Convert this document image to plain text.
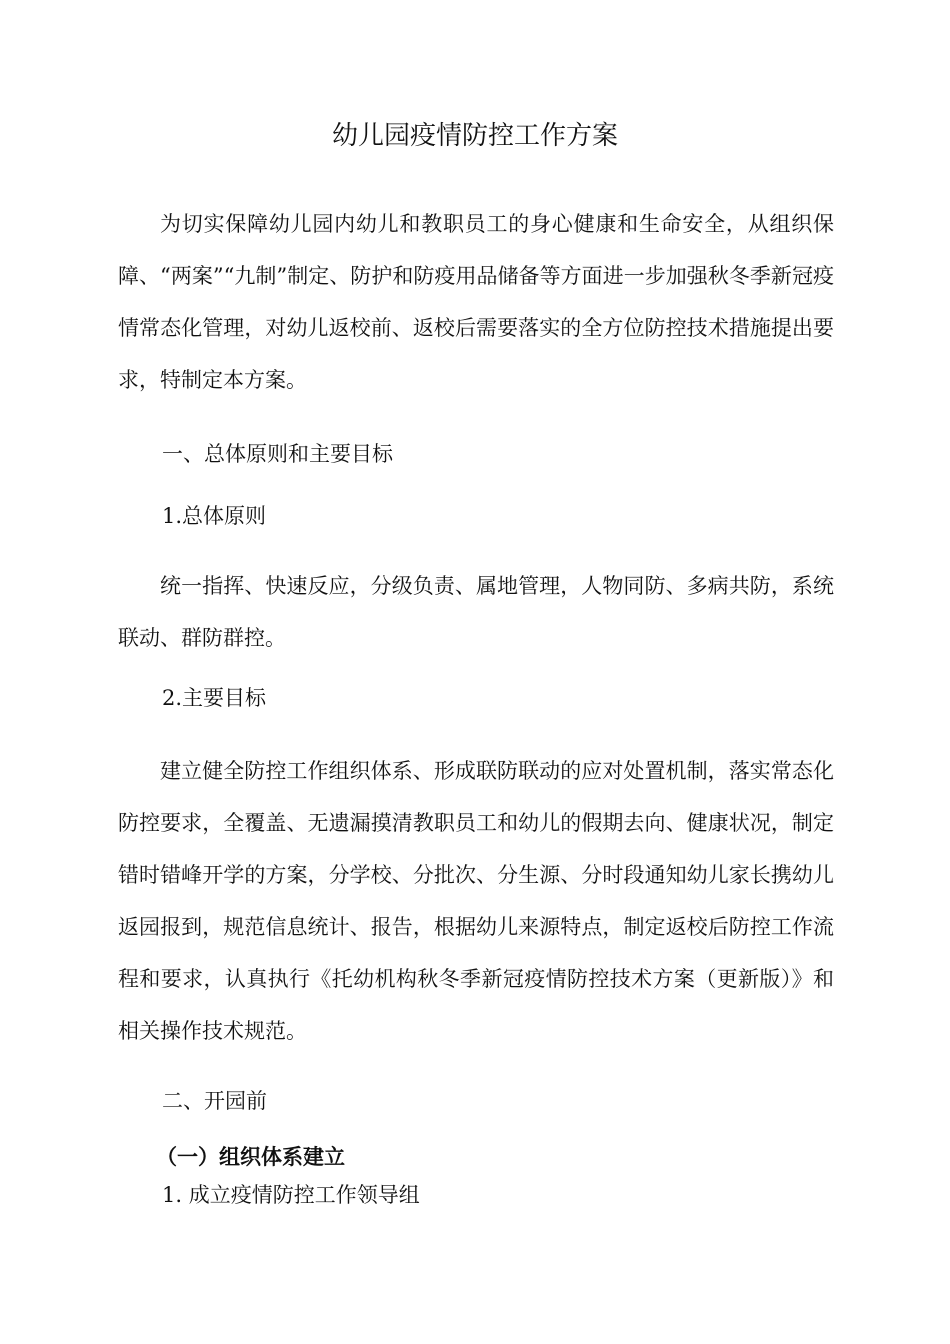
幼儿园疫情防控工作方案

为切实保障幼儿园内幼儿和教职员工的身心健康和生命安全，从组织保障、“两案”“九制”制定、防护和防疫用品储备等方面进一步加强秋冬季新冠疫情常态化管理，对幼儿返校前、返校后需要落实的全方位防控技术措施提出要求，特制定本方案。

一、总体原则和主要目标

1.总体原则

统一指挥、快速反应，分级负责、属地管理，人物同防、多病共防，系统联动、群防群控。

2.主要目标

建立健全防控工作组织体系、形成联防联动的应对处置机制，落实常态化防控要求，全覆盖、无遗漏摸清教职员工和幼儿的假期去向、健康状况，制定错时错峰开学的方案，分学校、分批次、分生源、分时段通知幼儿家长携幼儿返园报到，规范信息统计、报告，根据幼儿来源特点，制定返校后防控工作流程和要求，认真执行《托幼机构秋冬季新冠疫情防控技术方案（更新版）》和相关操作技术规范。

二、开园前

（一）组织体系建立

1. 成立疫情防控工作领导组
